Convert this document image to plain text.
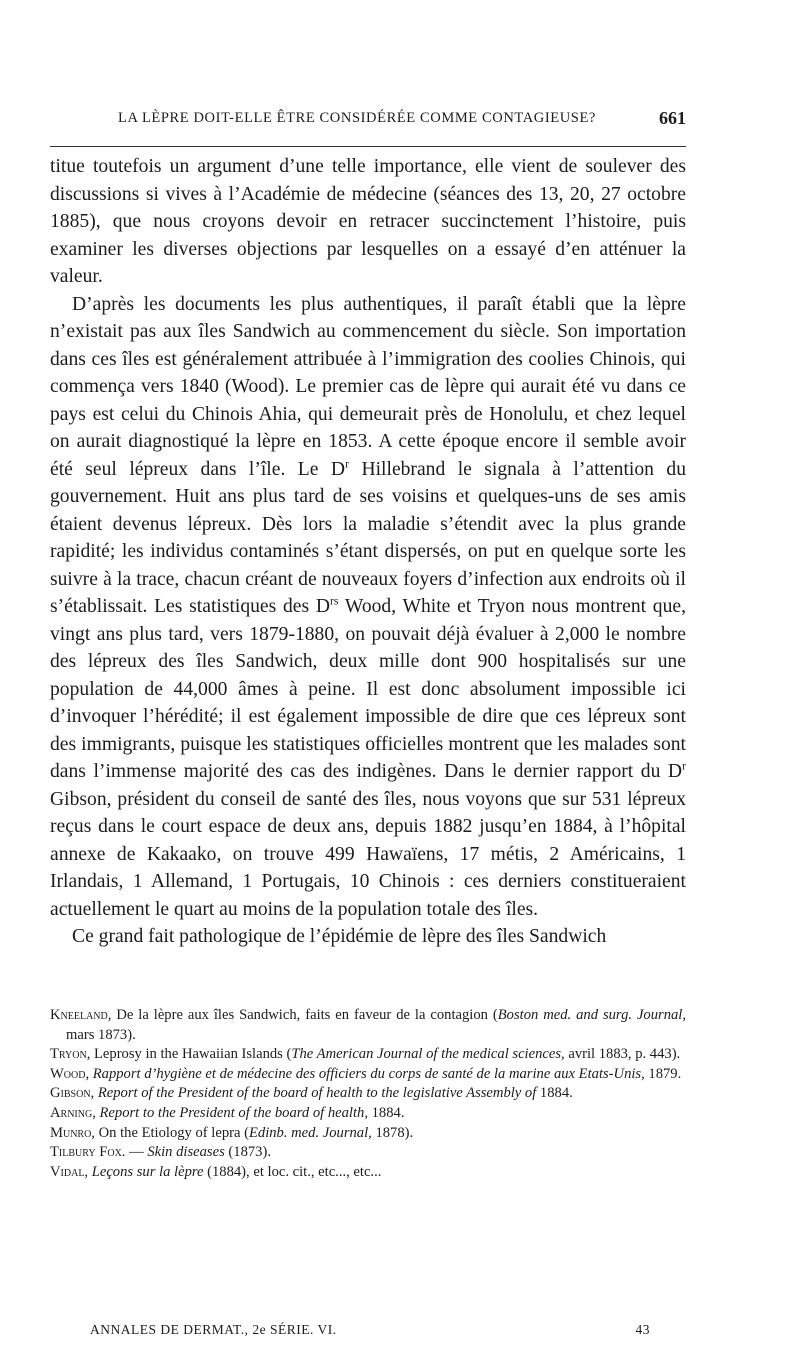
LA LÈPRE DOIT-ELLE ÊTRE CONSIDÉRÉE COMME CONTAGIEUSE?	661

titue toutefois un argument d’une telle importance, elle vient de soulever des discussions si vives à l’Académie de médecine (séances des 13, 20, 27 octobre 1885), que nous croyons devoir en retracer succinctement l’histoire, puis examiner les diverses objections par lesquelles on a essayé d’en atténuer la valeur.

D’après les documents les plus authentiques, il paraît établi que la lèpre n’existait pas aux îles Sandwich au commencement du siècle. Son importation dans ces îles est généralement attribuée à l’immigration des coolies Chinois, qui commença vers 1840 (Wood). Le premier cas de lèpre qui aurait été vu dans ce pays est celui du Chinois Ahia, qui demeurait près de Honolulu, et chez lequel on aurait diagnostiqué la lèpre en 1853. A cette époque encore il semble avoir été seul lépreux dans l’île. Le $D^r$ Hillebrand le signala à l’attention du gouvernement. Huit ans plus tard de ses voisins et quelques-uns de ses amis étaient devenus lépreux. Dès lors la maladie s’étendit avec la plus grande rapidité; les individus contaminés s’étant dispersés, on put en quelque sorte les suivre à la trace, chacun créant de nouveaux foyers d’infection aux endroits où il s’établissait. Les statistiques des $D^{rs}$ Wood, White et Tryon nous montrent que, vingt ans plus tard, vers 1879-1880, on pouvait déjà évaluer à 2,000 le nombre des lépreux des îles Sandwich, deux mille dont 900 hospitalisés sur une population de 44,000 âmes à peine. Il est donc absolument impossible ici d’invoquer l’hérédité; il est également impossible de dire que ces lépreux sont des immigrants, puisque les statistiques officielles montrent que les malades sont dans l’immense majorité des cas des indigènes. Dans le dernier rapport du $D^r$ Gibson, président du conseil de santé des îles, nous voyons que sur 531 lépreux reçus dans le court espace de deux ans, depuis 1882 jusqu’en 1884, à l’hôpital annexe de Kakaako, on trouve 499 Hawaïens, 17 métis, 2 Américains, 1 Irlandais, 1 Allemand, 1 Portugais, 10 Chinois : ces derniers constitueraient actuellement le quart au moins de la population totale des îles.

Ce grand fait pathologique de l’épidémie de lèpre des îles Sandwich

Kneeland, De la lèpre aux îles Sandwich, faits en faveur de la contagion (Boston med. and surg. Journal, mars 1873).

Tryon, Leprosy in the Hawaiian Islands (The American Journal of the medical sciences, avril 1883, p. 443).

Wood, Rapport d’hygiène et de médecine des officiers du corps de santé de la marine aux Etats-Unis, 1879.

Gibson, Report of the President of the board of health to the legislative Assembly of 1884.

Arning, Report to the President of the board of health, 1884.

Munro, On the Etiology of lepra (Edinb. med. Journal, 1878).

Tilbury Fox. — Skin diseases (1873).

Vidal, Leçons sur la lèpre (1884), et loc. cit., etc..., etc...

ANNALES DE DERMAT., 2e SÉRIE. VI.	43
